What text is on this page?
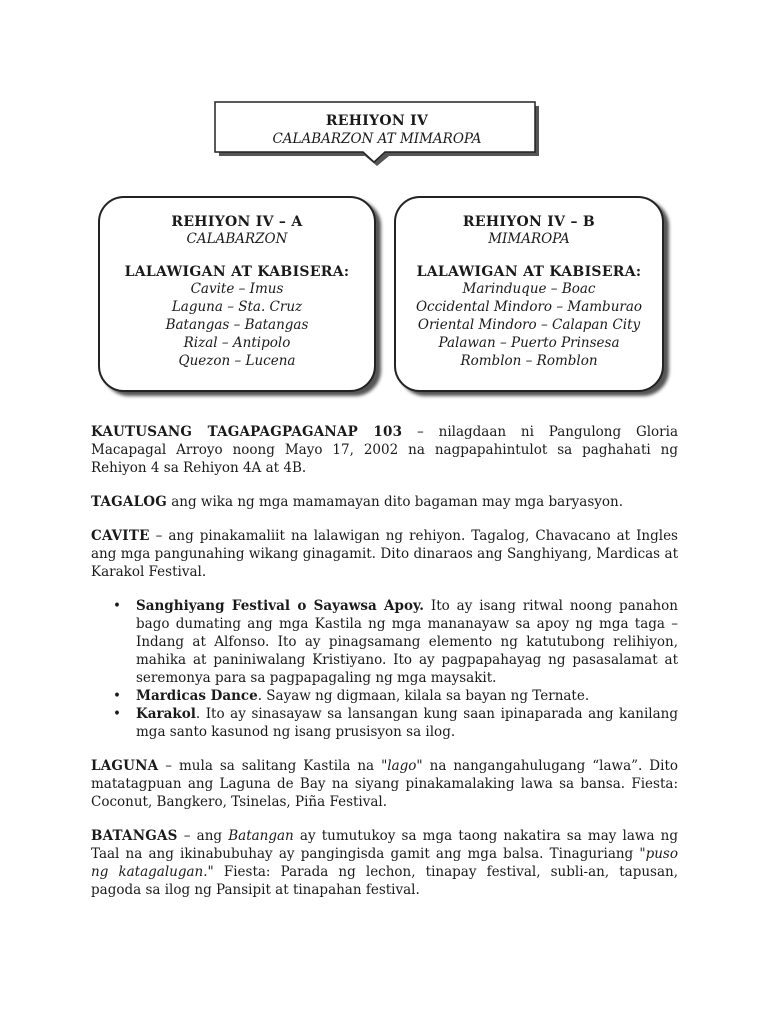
REHIYON IV
CALABARZON AT MIMAROPA
REHIYON IV – A
CALABARZON
LALAWIGAN AT KABISERA:
Cavite – Imus
Laguna – Sta. Cruz
Batangas – Batangas
Rizal – Antipolo
Quezon – Lucena
REHIYON IV – B
MIMAROPA
LALAWIGAN AT KABISERA:
Marinduque – Boac
Occidental Mindoro – Mamburao
Oriental Mindoro – Calapan City
Palawan – Puerto Prinsesa
Romblon – Romblon

KAUTUSANG TAGAPAGPAGANAP 103 – nilagdaan ni Pangulong Gloria Macapagal Arroyo noong Mayo 17, 2002 na nagpapahintulot sa paghahati ng Rehiyon 4 sa Rehiyon 4A at 4B.

TAGALOG ang wika ng mga mamamayan dito bagaman may mga baryasyon.

CAVITE – ang pinakamaliit na lalawigan ng rehiyon. Tagalog, Chavacano at Ingles ang mga pangunahing wikang ginagamit. Dito dinaraos ang Sanghiyang, Mardicas at Karakol Festival.

• Sanghiyang Festival o Sayawsa Apoy. Ito ay isang ritwal noong panahon bago dumating ang mga Kastila ng mga mananayaw sa apoy ng mga taga – Indang at Alfonso. Ito ay pinagsamang elemento ng katutubong relihiyon, mahika at paniniwalang Kristiyano. Ito ay pagpapahayag ng pasasalamat at seremonya para sa pagpapagaling ng mga maysakit.
• Mardicas Dance. Sayaw ng digmaan, kilala sa bayan ng Ternate.
• Karakol. Ito ay sinasayaw sa lansangan kung saan ipinaparada ang kanilang mga santo kasunod ng isang prusisyon sa ilog.

LAGUNA – mula sa salitang Kastila na "lago" na nangangahulugang “lawa”. Dito matatagpuan ang Laguna de Bay na siyang pinakamalaking lawa sa bansa. Fiesta: Coconut, Bangkero, Tsinelas, Piña Festival.

BATANGAS – ang Batangan ay tumutukoy sa mga taong nakatira sa may lawa ng Taal na ang ikinabubuhay ay pangingisda gamit ang mga balsa. Tinaguriang "puso ng katagalugan." Fiesta: Parada ng lechon, tinapay festival, subli-an, tapusan, pagoda sa ilog ng Pansipit at tinapahan festival.
